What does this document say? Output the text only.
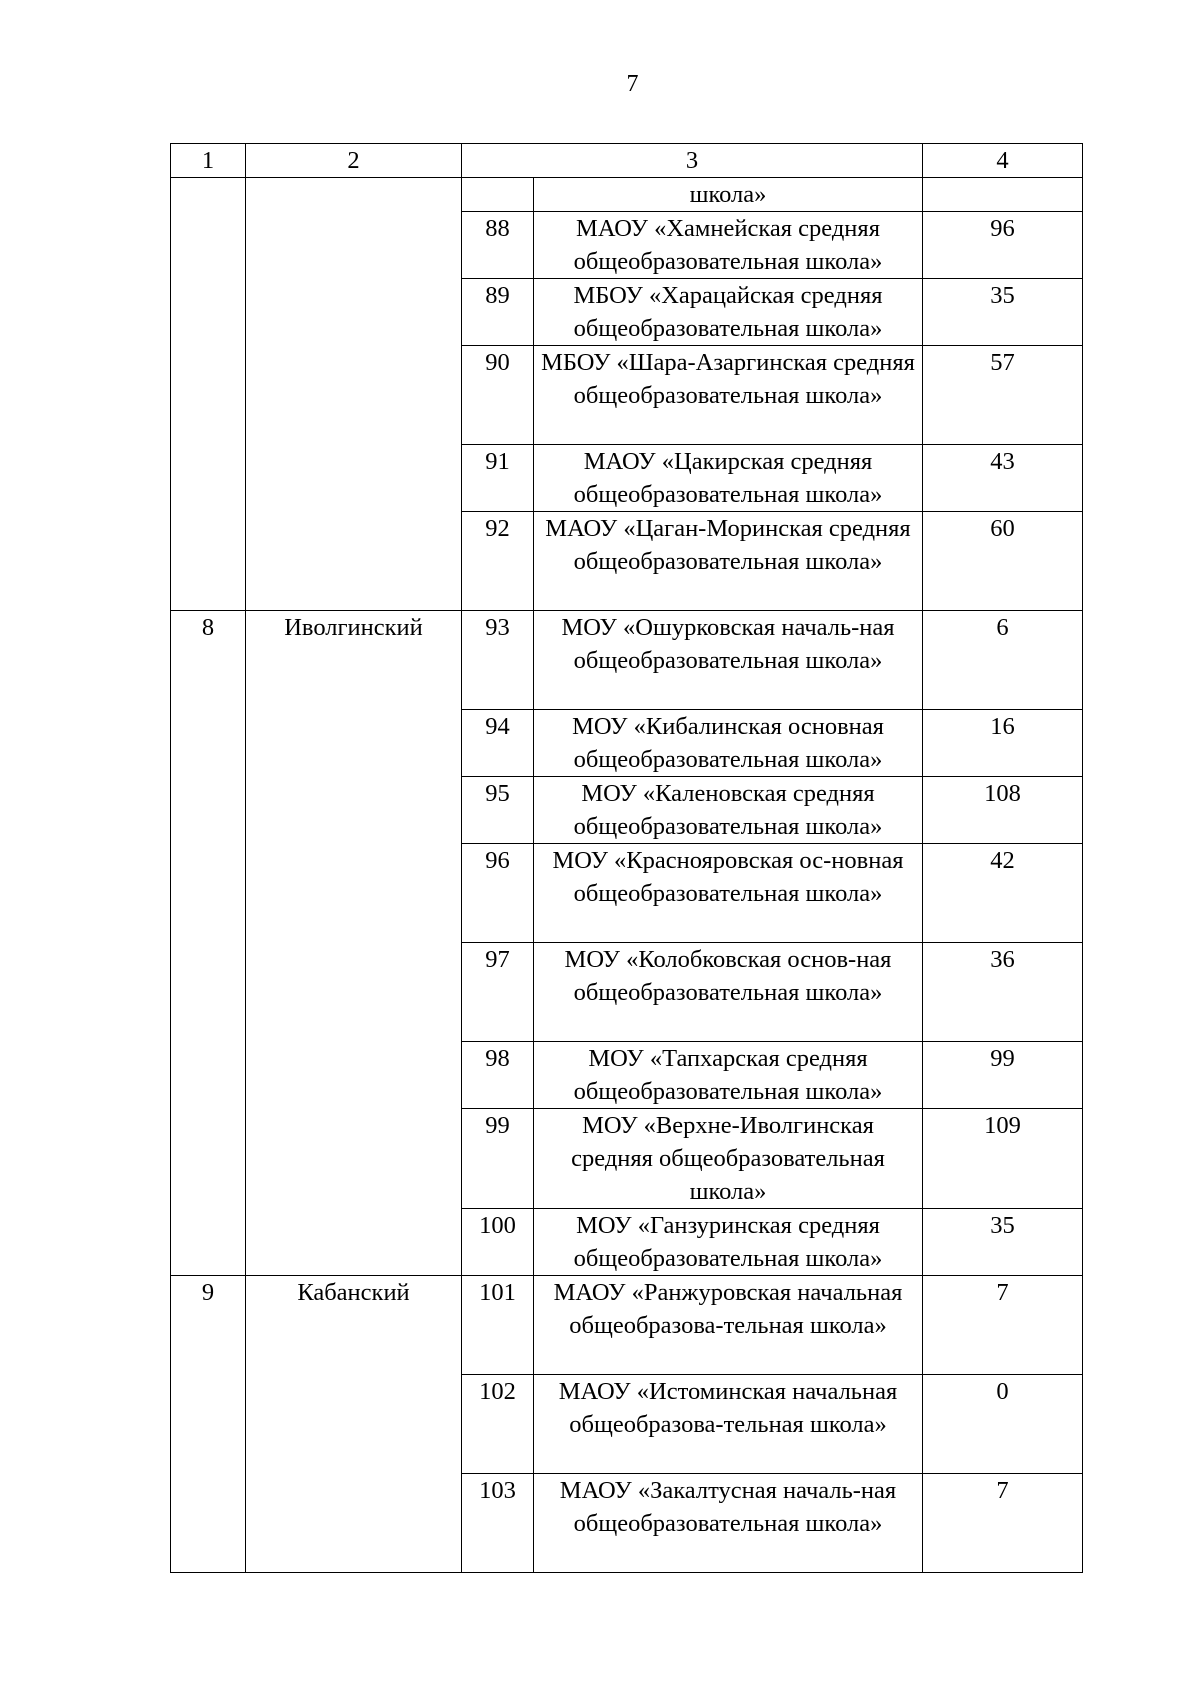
7
1	2	3		4
			школа»	
		88	МАОУ «Хамнейская средняя общеобразовательная школа»	96
		89	МБОУ «Харацайская средняя общеобразовательная школа»	35
		90	МБОУ «Шара-Азаргинская средняя общеобразовательная школа»	57
		91	МАОУ «Цакирская средняя общеобразовательная школа»	43
		92	МАОУ «Цаган-Моринская средняя общеобразовательная школа»	60
8	Иволгинский	93	МОУ «Ошурковская началь-ная общеобразовательная школа»	6
		94	МОУ «Кибалинская основная общеобразовательная школа»	16
		95	МОУ «Каленовская средняя общеобразовательная школа»	108
		96	МОУ «Краснояровская ос-новная общеобразовательная школа»	42
		97	МОУ «Колобковская основ-ная общеобразовательная школа»	36
		98	МОУ «Тапхарская средняя общеобразовательная школа»	99
		99	МОУ «Верхне-Иволгинская средняя общеобразовательная школа»	109
		100	МОУ «Ганзуринская средняя общеобразовательная школа»	35
9	Кабанский	101	МАОУ «Ранжуровская начальная общеобразова-тельная школа»	7
		102	МАОУ «Истоминская начальная общеобразова-тельная школа»	0
		103	МАОУ «Закалтусная началь-ная общеобразовательная школа»	7
